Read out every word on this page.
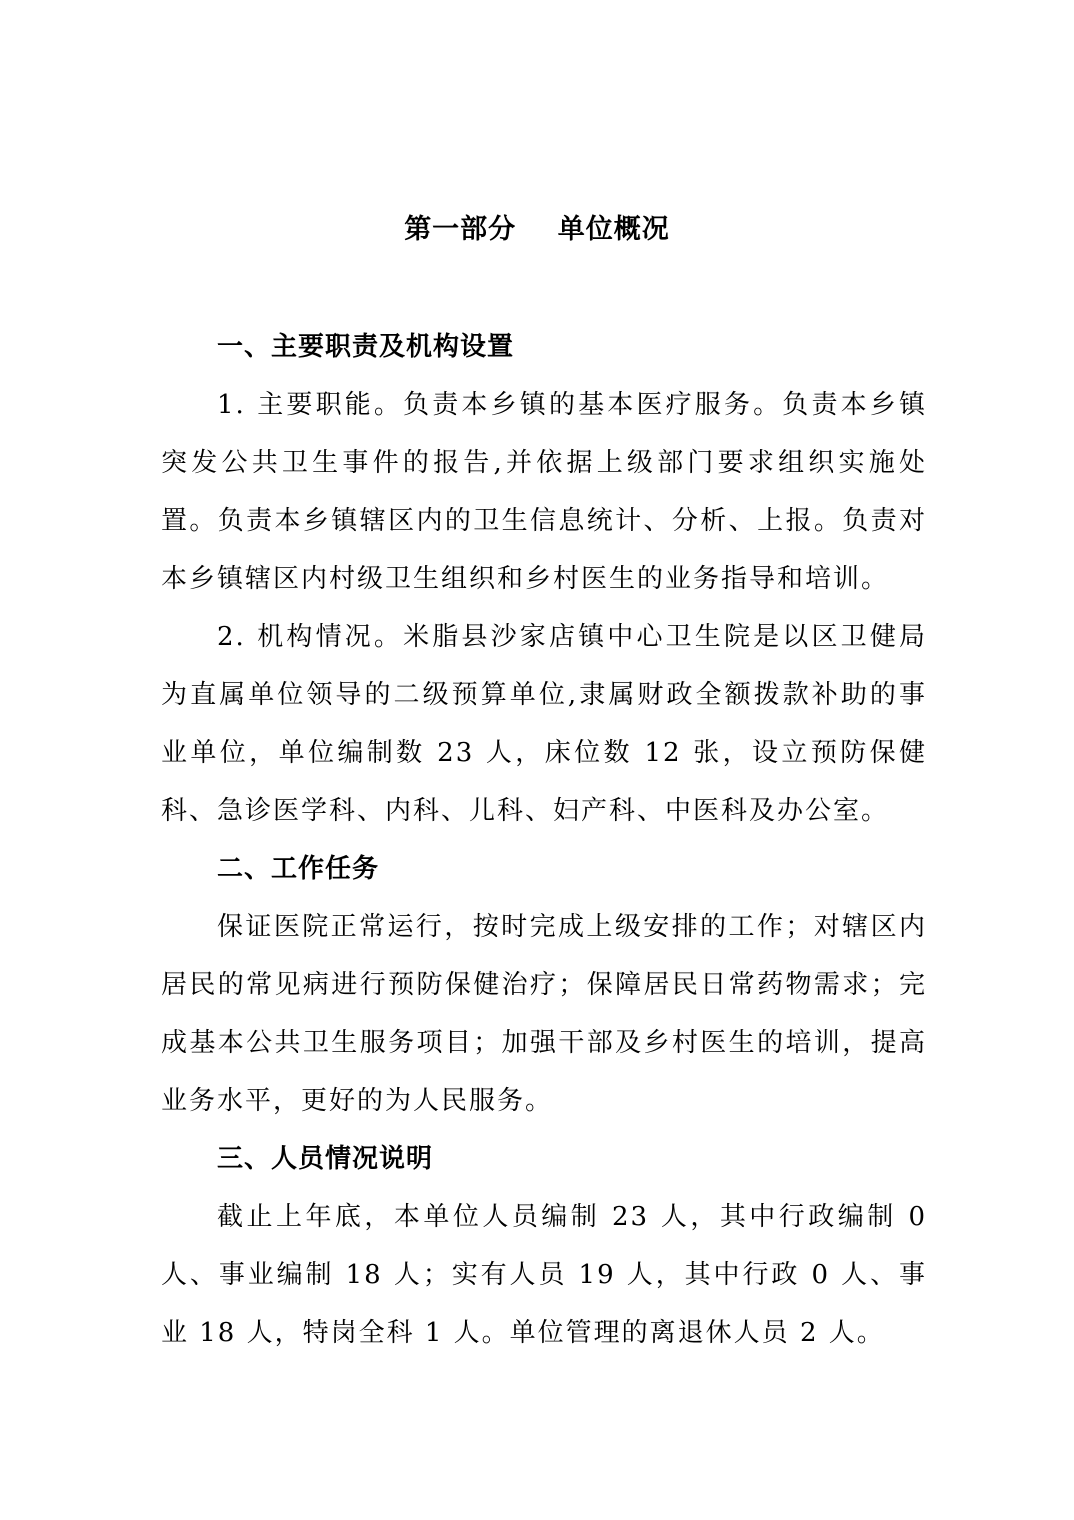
第一部分    单位概况
一、主要职责及机构设置

1. 主要职能。负责本乡镇的基本医疗服务。负责本乡镇突发公共卫生事件的报告,并依据上级部门要求组织实施处置。负责本乡镇辖区内的卫生信息统计、分析、上报。负责对本乡镇辖区内村级卫生组织和乡村医生的业务指导和培训。

2. 机构情况。米脂县沙家店镇中心卫生院是以区卫健局为直属单位领导的二级预算单位,隶属财政全额拨款补助的事业单位，单位编制数 23 人，床位数 12 张，设立预防保健科、急诊医学科、内科、儿科、妇产科、中医科及办公室。

二、工作任务

保证医院正常运行，按时完成上级安排的工作；对辖区内居民的常见病进行预防保健治疗；保障居民日常药物需求；完成基本公共卫生服务项目；加强干部及乡村医生的培训，提高业务水平，更好的为人民服务。

三、人员情况说明

截止上年底，本单位人员编制 23 人，其中行政编制 0 人、事业编制 18 人；实有人员 19 人，其中行政 0 人、事业 18 人，特岗全科 1 人。单位管理的离退休人员 2 人。
